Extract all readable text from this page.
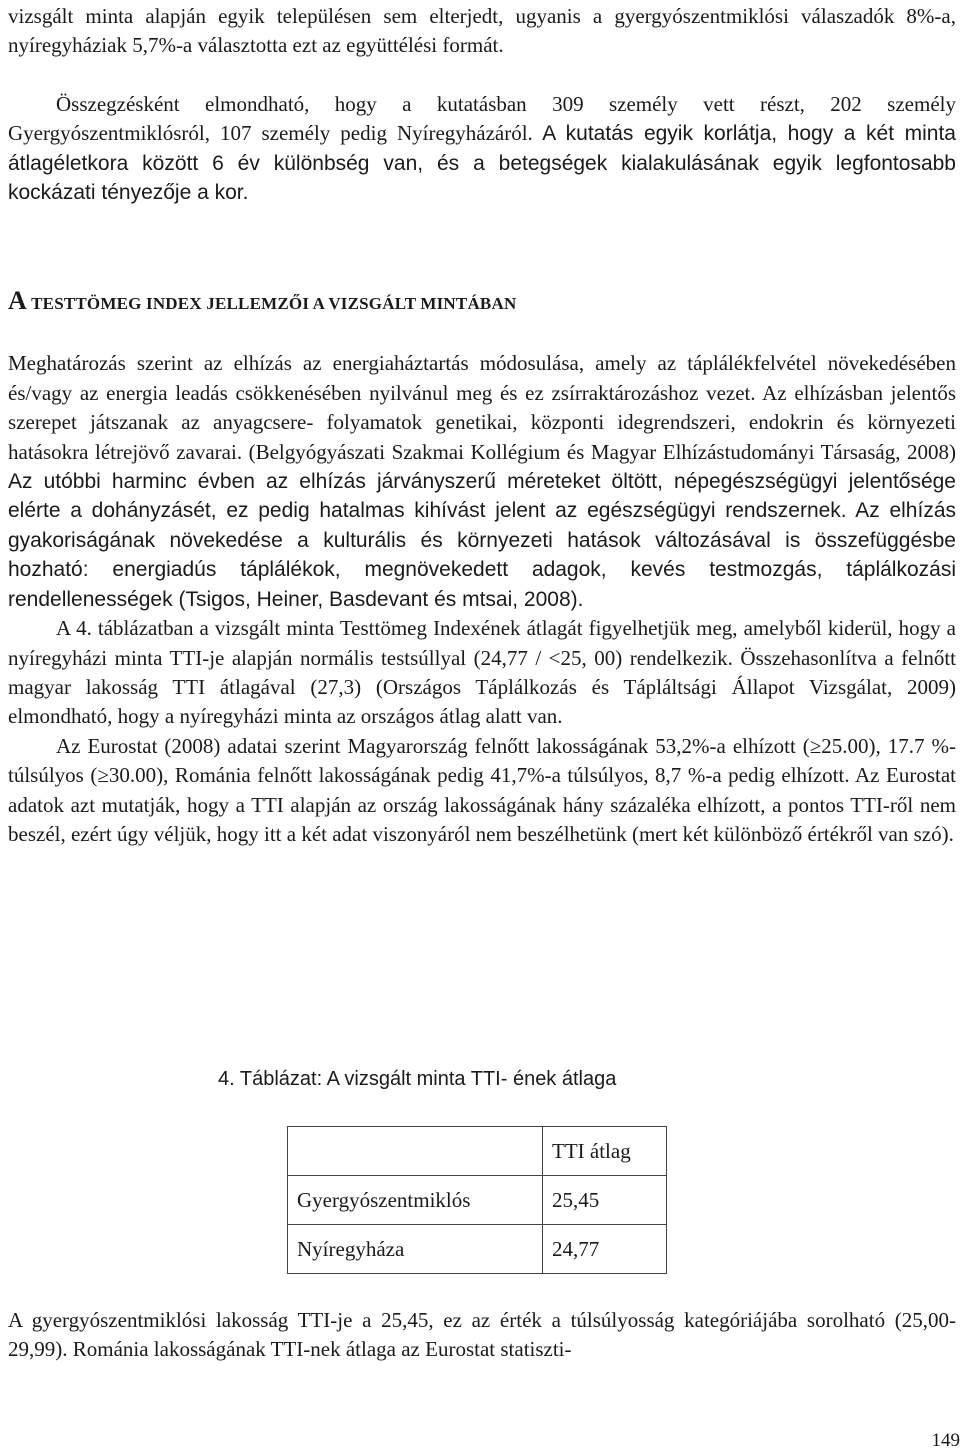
vizsgált minta alapján egyik településen sem elterjedt, ugyanis a gyergyószentmiklósi válaszadók 8%-a, nyíregyháziak 5,7%-a választotta ezt az együttélési formát.

Összegzésként elmondható, hogy a kutatásban 309 személy vett részt, 202 személy Gyergyószentmiklósról, 107 személy pedig Nyíregyházáról. A kutatás egyik korlátja, hogy a két minta átlagéletkora között 6 év különbség van, és a betegségek kialakulásának egyik legfontosabb kockázati tényezője a kor.

A TESTTÖMEG INDEX JELLEMZŐI A VIZSGÁLT MINTÁBAN

Meghatározás szerint az elhízás az energiaháztartás módosulása, amely az táplálékfelvétel növekedésében és/vagy az energia leadás csökkenésében nyilvánul meg és ez zsírraktározáshoz vezet. Az elhízásban jelentős szerepet játszanak az anyagcsere- folyamatok genetikai, központi idegrendszeri, endokrin és környezeti hatásokra létrejövő zavarai. (Belgyógyászati Szakmai Kollégium és Magyar Elhízástudományi Társaság, 2008) Az utóbbi harminc évben az elhízás járványszerű méreteket öltött, népegészségügyi jelentősége elérte a dohányzásét, ez pedig hatalmas kihívást jelent az egészségügyi rendszernek. Az elhízás gyakoriságának növekedése a kulturális és környezeti hatások változásával is összefüggésbe hozható: energiadús táplálékok, megnövekedett adagok, kevés testmozgás, táplálkozási rendellenességek (Tsigos, Heiner, Basdevant és mtsai, 2008).

A 4. táblázatban a vizsgált minta Testtömeg Indexének átlagát figyelhetjük meg, amelyből kiderül, hogy a nyíregyházi minta TTI-je alapján normális testsúllyal (24,77 / <25, 00) rendelkezik. Összehasonlítva a felnőtt magyar lakosság TTI átlagával (27,3) (Országos Táplálkozás és Tápláltsági Állapot Vizsgálat, 2009) elmondható, hogy a nyíregyházi minta az országos átlag alatt van.

Az Eurostat (2008) adatai szerint Magyarország felnőtt lakosságának 53,2%-a elhízott (≥25.00), 17.7 %-túlsúlyos (≥30.00), Románia felnőtt lakosságának pedig 41,7%-a túlsúlyos, 8,7 %-a pedig elhízott. Az Eurostat adatok azt mutatják, hogy a TTI alapján az ország lakosságának hány százaléka elhízott, a pontos TTI-ről nem beszél, ezért úgy véljük, hogy itt a két adat viszonyáról nem beszélhetünk (mert két különböző értékről van szó).

4. Táblázat: A vizsgált minta TTI- ének átlaga
	TTI átlag
Gyergyószentmiklós	25,45
Nyíregyháza	24,77

A gyergyószentmiklósi lakosság TTI-je a 25,45, ez az érték a túlsúlyosság kategóriájába sorolható (25,00-29,99). Románia lakosságának TTI-nek átlaga az Eurostat statiszti-

149
